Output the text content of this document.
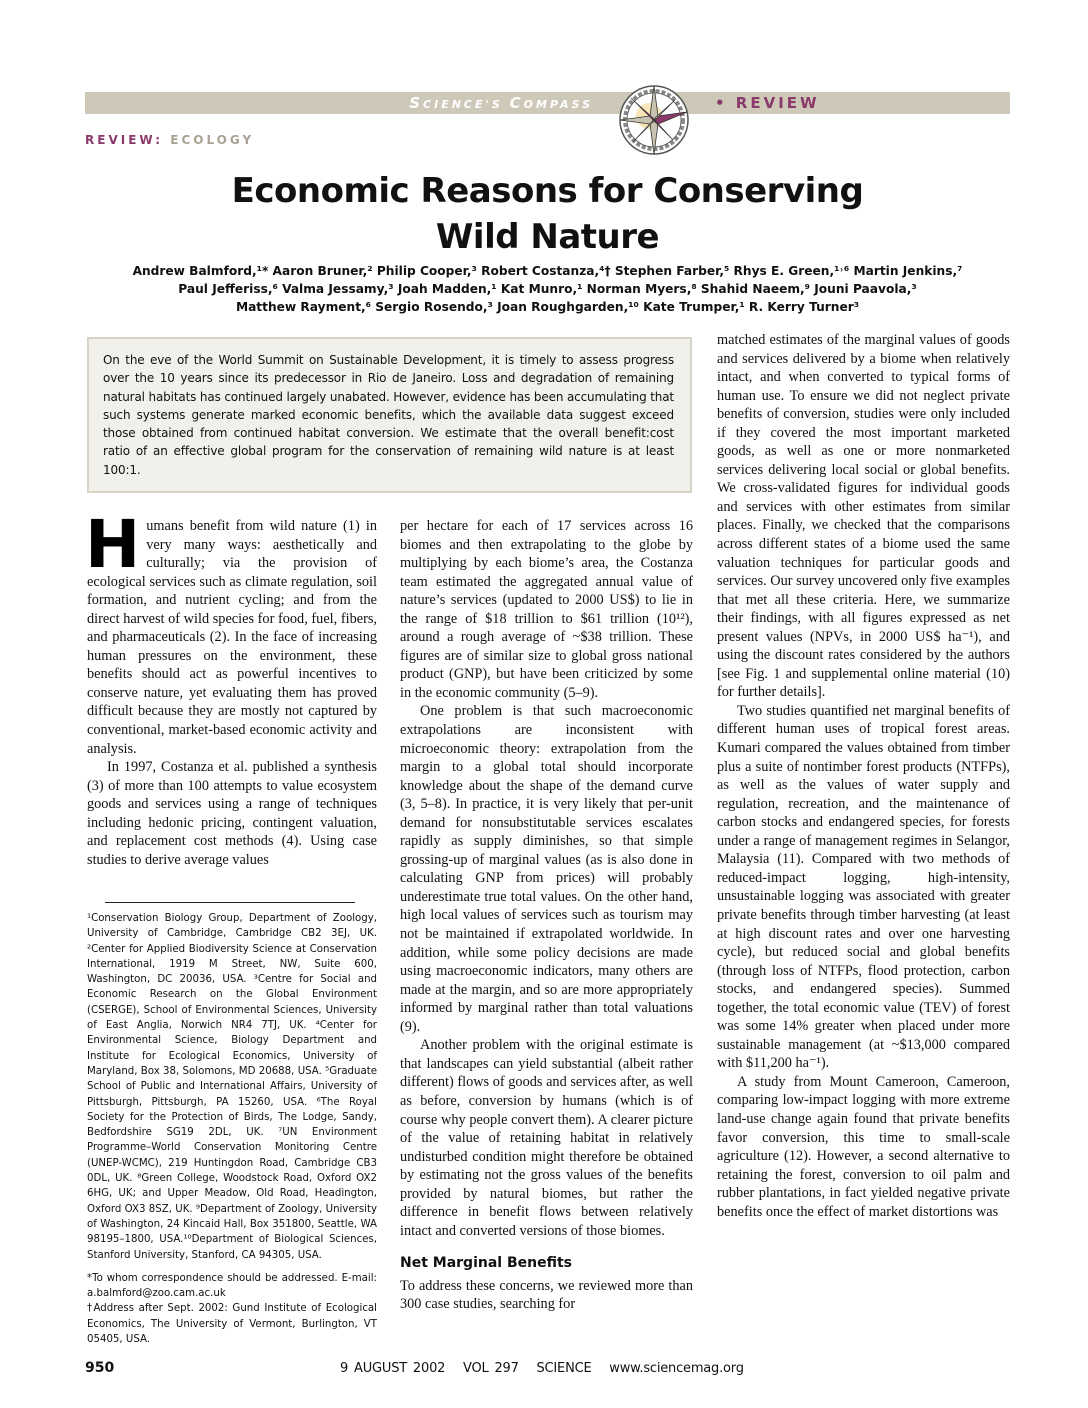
SCIENCE'S COMPASS	• REVIEW
REVIEW: ECOLOGY
Economic Reasons for Conserving
Wild Nature
Andrew Balmford,¹* Aaron Bruner,² Philip Cooper,³ Robert Costanza,⁴† Stephen Farber,⁵ Rhys E. Green,¹˒⁶ Martin Jenkins,⁷
Paul Jefferiss,⁶ Valma Jessamy,³ Joah Madden,¹ Kat Munro,¹ Norman Myers,⁸ Shahid Naeem,⁹ Jouni Paavola,³
Matthew Rayment,⁶ Sergio Rosendo,³ Joan Roughgarden,¹⁰ Kate Trumper,¹ R. Kerry Turner³

On the eve of the World Summit on Sustainable Development, it is timely to assess progress over the 10 years since its predecessor in Rio de Janeiro. Loss and degradation of remaining natural habitats has continued largely unabated. However, evidence has been accumulating that such systems generate marked economic benefits, which the available data suggest exceed those obtained from continued habitat conversion. We estimate that the overall benefit:cost ratio of an effective global program for the conservation of remaining wild nature is at least 100:1.

H umans benefit from wild nature (1) in very many ways: aesthetically and culturally; via the provision of ecological services such as climate regulation, soil formation, and nutrient cycling; and from the direct harvest of wild species for food, fuel, fibers, and pharmaceuticals (2). In the face of increasing human pressures on the environment, these benefits should act as powerful incentives to conserve nature, yet evaluating them has proved difficult because they are mostly not captured by conventional, market-based economic activity and analysis.

In 1997, Costanza et al. published a synthesis (3) of more than 100 attempts to value ecosystem goods and services using a range of techniques including hedonic pricing, contingent valuation, and replacement cost methods (4). Using case studies to derive average values

¹Conservation Biology Group, Department of Zoology, University of Cambridge, Cambridge CB2 3EJ, UK. ²Center for Applied Biodiversity Science at Conservation International, 1919 M Street, NW, Suite 600, Washington, DC 20036, USA. ³Centre for Social and Economic Research on the Global Environment (CSERGE), School of Environmental Sciences, University of East Anglia, Norwich NR4 7TJ, UK. ⁴Center for Environmental Science, Biology Department and Institute for Ecological Economics, University of Maryland, Box 38, Solomons, MD 20688, USA. ⁵Graduate School of Public and International Affairs, University of Pittsburgh, Pittsburgh, PA 15260, USA. ⁶The Royal Society for the Protection of Birds, The Lodge, Sandy, Bedfordshire SG19 2DL, UK. ⁷UN Environment Programme–World Conservation Monitoring Centre (UNEP-WCMC), 219 Huntingdon Road, Cambridge CB3 0DL, UK. ⁸Green College, Woodstock Road, Oxford OX2 6HG, UK; and Upper Meadow, Old Road, Headington, Oxford OX3 8SZ, UK. ⁹Department of Zoology, University of Washington, 24 Kincaid Hall, Box 351800, Seattle, WA 98195–1800, USA.¹⁰Department of Biological Sciences, Stanford University, Stanford, CA 94305, USA.

*To whom correspondence should be addressed. E-mail: a.balmford@zoo.cam.ac.uk

†Address after Sept. 2002: Gund Institute of Ecological Economics, The University of Vermont, Burlington, VT 05405, USA.

per hectare for each of 17 services across 16 biomes and then extrapolating to the globe by multiplying by each biome’s area, the Costanza team estimated the aggregated annual value of nature’s services (updated to 2000 US$) to lie in the range of $18 trillion to $61 trillion (10¹²), around a rough average of ~$38 trillion. These figures are of similar size to global gross national product (GNP), but have been criticized by some in the economic community (5–9).

One problem is that such macroeconomic extrapolations are inconsistent with microeconomic theory: extrapolation from the margin to a global total should incorporate knowledge about the shape of the demand curve (3, 5–8). In practice, it is very likely that per-unit demand for nonsubstitutable services escalates rapidly as supply diminishes, so that simple grossing-up of marginal values (as is also done in calculating GNP from prices) will probably underestimate true total values. On the other hand, high local values of services such as tourism may not be maintained if extrapolated worldwide. In addition, while some policy decisions are made using macroeconomic indicators, many others are made at the margin, and so are more appropriately informed by marginal rather than total valuations (9).

Another problem with the original estimate is that landscapes can yield substantial (albeit rather different) flows of goods and services after, as well as before, conversion by humans (which is of course why people convert them). A clearer picture of the value of retaining habitat in relatively undisturbed condition might therefore be obtained by estimating not the gross values of the benefits provided by natural biomes, but rather the difference in benefit flows between relatively intact and converted versions of those biomes.

Net Marginal Benefits

To address these concerns, we reviewed more than 300 case studies, searching for

matched estimates of the marginal values of goods and services delivered by a biome when relatively intact, and when converted to typical forms of human use. To ensure we did not neglect private benefits of conversion, studies were only included if they covered the most important marketed goods, as well as one or more nonmarketed services delivering local social or global benefits. We cross-validated figures for individual goods and services with other estimates from similar places. Finally, we checked that the comparisons across different states of a biome used the same valuation techniques for particular goods and services. Our survey uncovered only five examples that met all these criteria. Here, we summarize their findings, with all figures expressed as net present values (NPVs, in 2000 US$ ha⁻¹), and using the discount rates considered by the authors [see Fig. 1 and supplemental online material (10) for further details].

Two studies quantified net marginal benefits of different human uses of tropical forest areas. Kumari compared the values obtained from timber plus a suite of nontimber forest products (NTFPs), as well as the values of water supply and regulation, recreation, and the maintenance of carbon stocks and endangered species, for forests under a range of management regimes in Selangor, Malaysia (11). Compared with two methods of reduced-impact logging, high-intensity, unsustainable logging was associated with greater private benefits through timber harvesting (at least at high discount rates and over one harvesting cycle), but reduced social and global benefits (through loss of NTFPs, flood protection, carbon stocks, and endangered species). Summed together, the total economic value (TEV) of forest was some 14% greater when placed under more sustainable management (at ~$13,000 compared with $11,200 ha⁻¹).

A study from Mount Cameroon, Cameroon, comparing low-impact logging with more extreme land-use change again found that private benefits favor conversion, this time to small-scale agriculture (12). However, a second alternative to retaining the forest, conversion to oil palm and rubber plantations, in fact yielded negative private benefits once the effect of market distortions was

950	9 AUGUST 2002   VOL 297   SCIENCE   www.sciencemag.org
